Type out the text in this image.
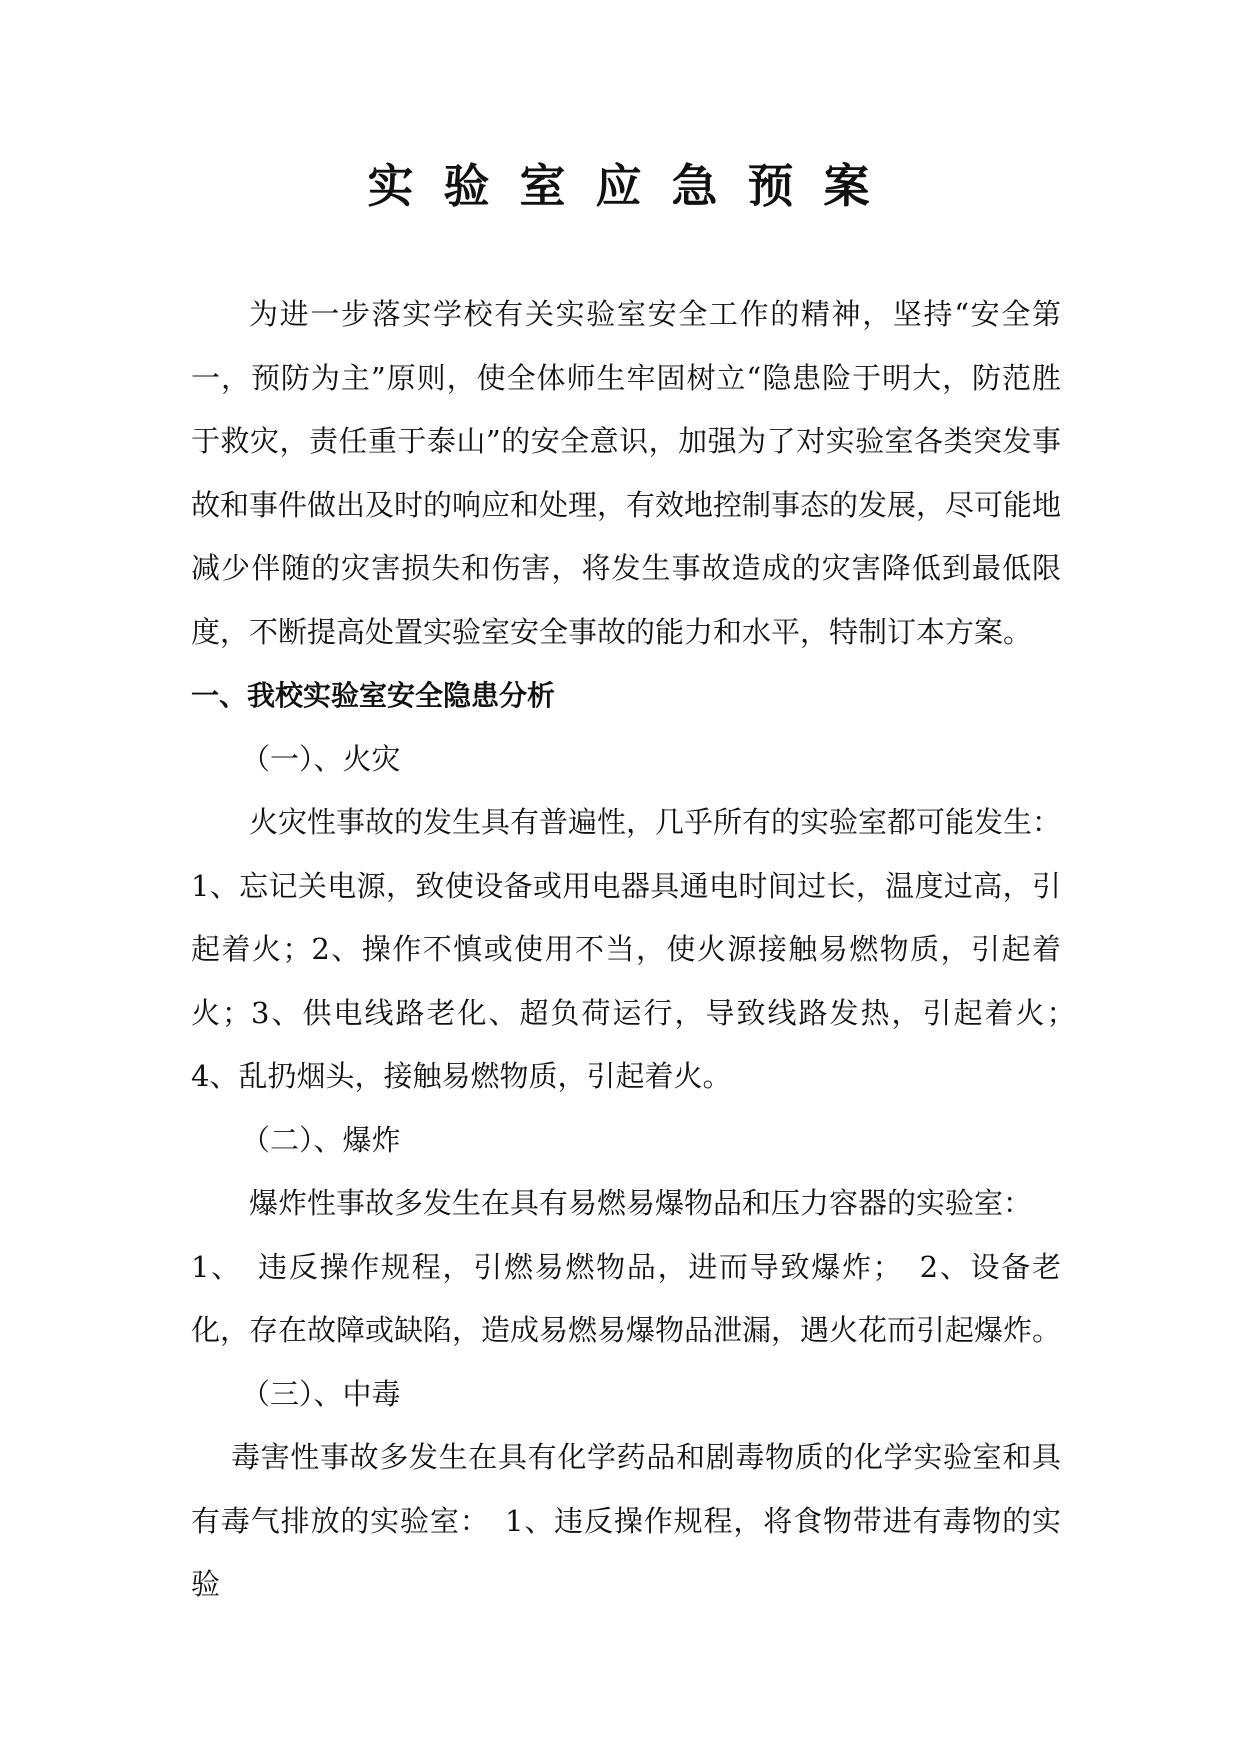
实验室应急预案

为进一步落实学校有关实验室安全工作的精神，坚持“安全第一，预防为主”原则，使全体师生牢固树立“隐患险于明大，防范胜于救灾，责任重于泰山”的安全意识，加强为了对实验室各类突发事故和事件做出及时的响应和处理，有效地控制事态的发展，尽可能地减少伴随的灾害损失和伤害，将发生事故造成的灾害降低到最低限度，不断提高处置实验室安全事故的能力和水平，特制订本方案。

一、我校实验室安全隐患分析

（一）、火灾

火灾性事故的发生具有普遍性，几乎所有的实验室都可能发生：

1、忘记关电源，致使设备或用电器具通电时间过长，温度过高，引起着火；2、操作不慎或使用不当，使火源接触易燃物质，引起着火；3、供电线路老化、超负荷运行，导致线路发热，引起着火；　4、乱扔烟头，接触易燃物质，引起着火。

（二）、爆炸

爆炸性事故多发生在具有易燃易爆物品和压力容器的实验室：

1、　违反操作规程，引燃易燃物品，进而导致爆炸；　2、设备老化，存在故障或缺陷，造成易燃易爆物品泄漏，遇火花而引起爆炸。

（三）、中毒

毒害性事故多发生在具有化学药品和剧毒物质的化学实验室和具有毒气排放的实验室：　1、违反操作规程，将食物带进有毒物的实验
